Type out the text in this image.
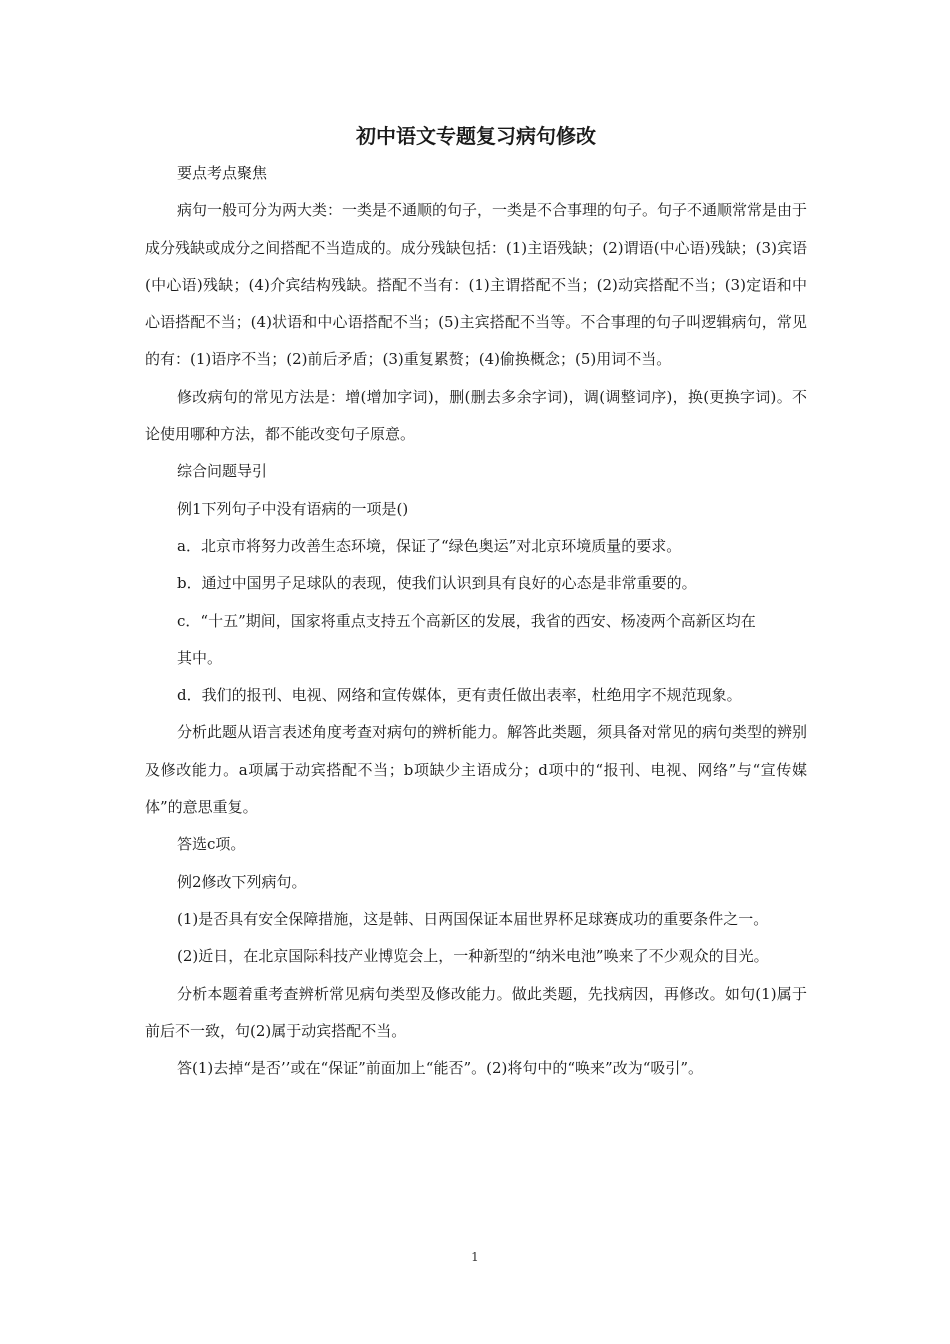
初中语文专题复习病句修改

要点考点聚焦

病句一般可分为两大类：一类是不通顺的句子，一类是不合事理的句子。句子不通顺常常是由于成分残缺或成分之间搭配不当造成的。成分残缺包括：(1)主语残缺；(2)谓语(中心语)残缺；(3)宾语(中心语)残缺；(4)介宾结构残缺。搭配不当有：(1)主谓搭配不当；(2)动宾搭配不当；(3)定语和中心语搭配不当；(4)状语和中心语搭配不当；(5)主宾搭配不当等。不合事理的句子叫逻辑病句，常见的有：(1)语序不当；(2)前后矛盾；(3)重复累赘；(4)偷换概念；(5)用词不当。

修改病句的常见方法是：增(增加字词)，删(删去多余字词)，调(调整词序)，换(更换字词)。不论使用哪种方法，都不能改变句子原意。

综合问题导引

例1下列句子中没有语病的一项是()

a．北京市将努力改善生态环境，保证了“绿色奥运”对北京环境质量的要求。

b．通过中国男子足球队的表现，使我们认识到具有良好的心态是非常重要的。

c．“十五”期间，国家将重点支持五个高新区的发展，我省的西安、杨凌两个高新区均在

其中。

d．我们的报刊、电视、网络和宣传媒体，更有责任做出表率，杜绝用字不规范现象。

分析此题从语言表述角度考查对病句的辨析能力。解答此类题，须具备对常见的病句类型的辨别及修改能力。a项属于动宾搭配不当；b项缺少主语成分；d项中的“报刊、电视、网络”与“宣传媒体”的意思重复。

答选c项。

例2修改下列病句。

(1)是否具有安全保障措施，这是韩、日两国保证本届世界杯足球赛成功的重要条件之一。

(2)近日，在北京国际科技产业博览会上，一种新型的“纳米电池”唤来了不少观众的目光。

分析本题着重考查辨析常见病句类型及修改能力。做此类题，先找病因，再修改。如句(1)属于前后不一致，句(2)属于动宾搭配不当。

答(1)去掉“是否’’或在“保证”前面加上“能否”。(2)将句中的“唤来”改为“吸引”。

1
